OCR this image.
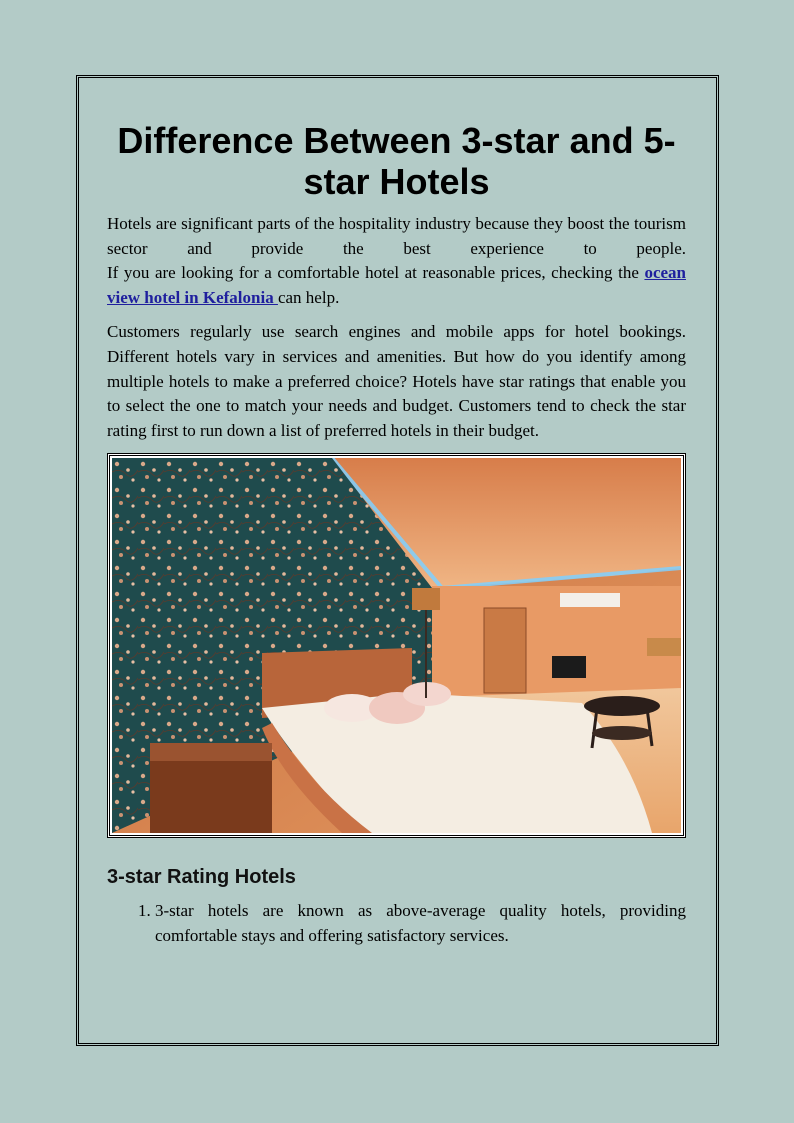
Difference Between 3-star and 5-star Hotels

Hotels are significant parts of the hospitality industry because they boost the tourism sector and provide the best experience to people.

If you are looking for a comfortable hotel at reasonable prices, checking the ocean view hotel in Kefalonia can help.

Customers regularly use search engines and mobile apps for hotel bookings. Different hotels vary in services and amenities. But how do you identify among multiple hotels to make a preferred choice? Hotels have star ratings that enable you to select the one to match your needs and budget. Customers tend to check the star rating first to run down a list of preferred hotels in their budget.

3-star Rating Hotels
1. 3-star hotels are known as above-average quality hotels, providing comfortable stays and offering satisfactory services.
